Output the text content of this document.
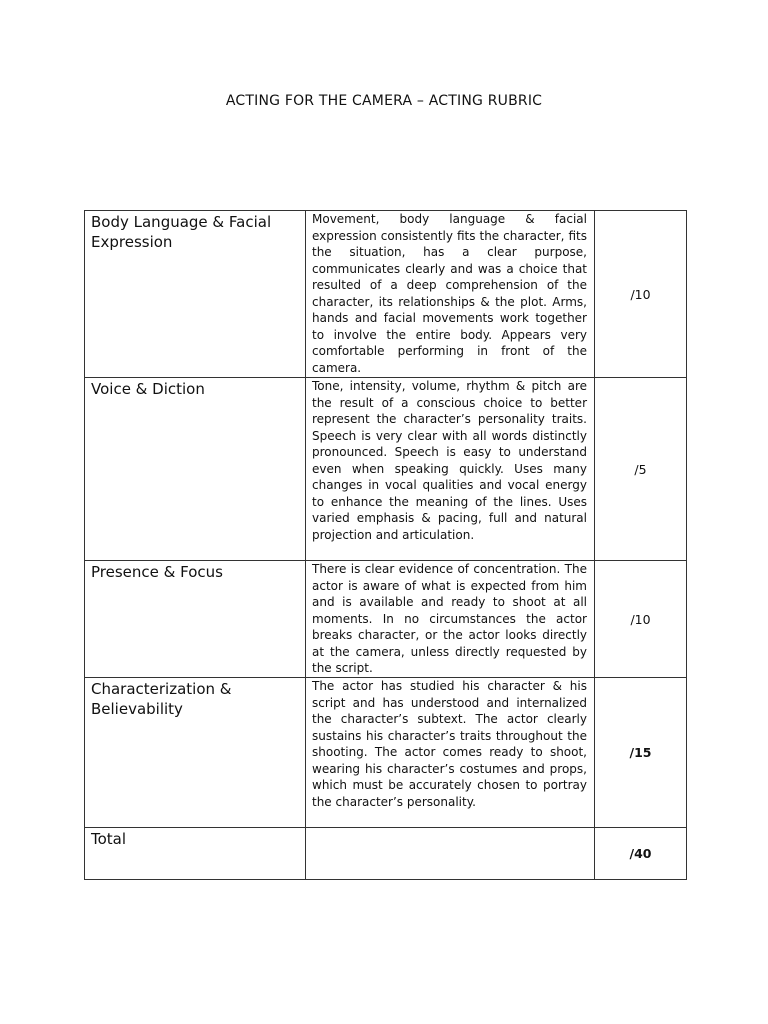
ACTING FOR THE CAMERA – ACTING RUBRIC
Body Language & Facial Expression	Movement, body language & facial expression consistently fits the character, fits the situation, has a clear purpose, communicates clearly and was a choice that resulted of a deep comprehension of the character, its relationships & the plot. Arms, hands and facial movements work together to involve the entire body. Appears very comfortable performing in front of the camera.	/10
Voice & Diction	Tone, intensity, volume, rhythm & pitch are the result of a conscious choice to better represent the character’s personality traits. Speech is very clear with all words distinctly pronounced. Speech is easy to understand even when speaking quickly. Uses many changes in vocal qualities and vocal energy to enhance the meaning of the lines. Uses varied emphasis & pacing, full and natural projection and articulation.	/5
Presence & Focus	There is clear evidence of concentration. The actor is aware of what is expected from him and is available and ready to shoot at all moments. In no circumstances the actor breaks character, or the actor looks directly at the camera, unless directly requested by the script.	/10
Characterization & Believability	The actor has studied his character & his script and has understood and internalized the character’s subtext. The actor clearly sustains his character’s traits throughout the shooting. The actor comes ready to shoot, wearing his character’s costumes and props, which must be accurately chosen to portray the character’s personality.	/15
Total		/40
